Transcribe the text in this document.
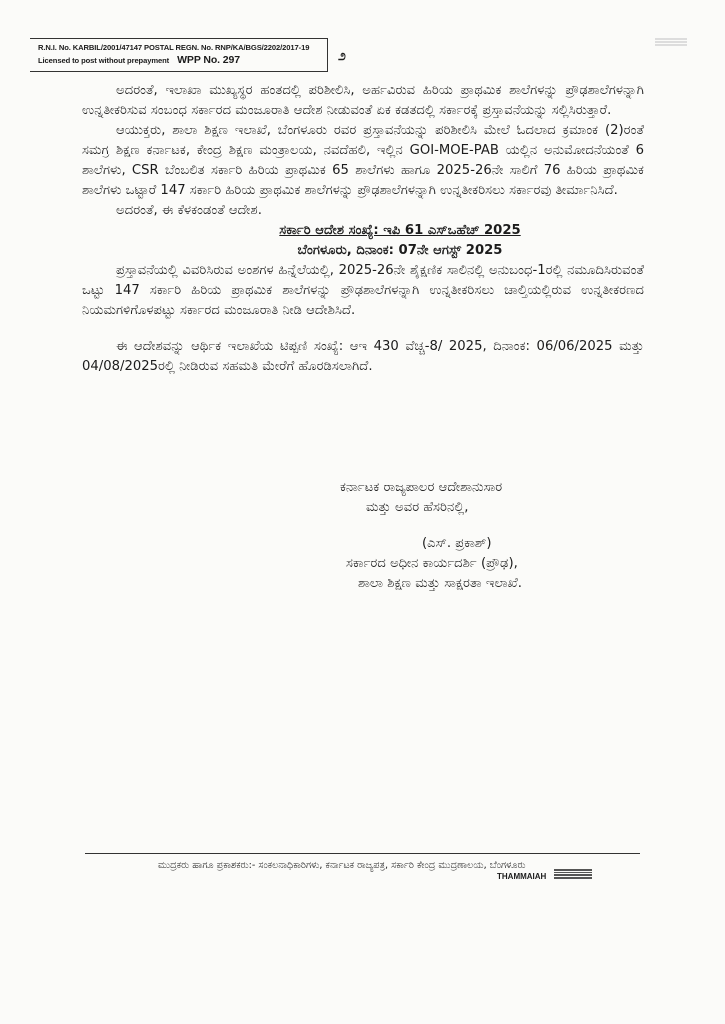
R.N.I. No. KARBIL/2001/47147 POSTAL REGN. No. RNP/KA/BGS/2202/2017-19
Licensed to post without prepayment WPP No. 297	೨

ಅದರಂತೆ, ಇಲಾಖಾ ಮುಖ್ಯಸ್ಥರ ಹಂತದಲ್ಲಿ ಪರಿಶೀಲಿಸಿ, ಅರ್ಹವಿರುವ ಹಿರಿಯ ಪ್ರಾಥಮಿಕ ಶಾಲೆಗಳನ್ನು ಪ್ರೌಢಶಾಲೆಗಳನ್ನಾಗಿ ಉನ್ನತೀಕರಿಸುವ ಸಂಬಂಧ ಸರ್ಕಾರದ ಮಂಜೂರಾತಿ ಆದೇಶ ನೀಡುವಂತೆ ಏಕ ಕಡತದಲ್ಲಿ ಸರ್ಕಾರಕ್ಕೆ ಪ್ರಸ್ತಾವನೆಯನ್ನು ಸಲ್ಲಿಸಿರುತ್ತಾರೆ.

ಆಯುಕ್ತರು, ಶಾಲಾ ಶಿಕ್ಷಣ ಇಲಾಖೆ, ಬೆಂಗಳೂರು ರವರ ಪ್ರಸ್ತಾವನೆಯನ್ನು ಪರಿಶೀಲಿಸಿ ಮೇಲೆ ಓದಲಾದ ಕ್ರಮಾಂಕ (2)ರಂತೆ ಸಮಗ್ರ ಶಿಕ್ಷಣ ಕರ್ನಾಟಕ, ಕೇಂದ್ರ ಶಿಕ್ಷಣ ಮಂತ್ರಾಲಯ, ನವದೆಹಲಿ, ಇಲ್ಲಿನ GOI-MOE-PAB ಯಲ್ಲಿನ ಅನುಮೋದನೆಯಂತೆ 6 ಶಾಲೆಗಳು, CSR ಬೆಂಬಲಿತ ಸರ್ಕಾರಿ ಹಿರಿಯ ಪ್ರಾಥಮಿಕ 65 ಶಾಲೆಗಳು ಹಾಗೂ 2025-26ನೇ ಸಾಲಿಗೆ 76 ಹಿರಿಯ ಪ್ರಾಥಮಿಕ ಶಾಲೆಗಳು ಒಟ್ಟಾರೆ 147 ಸರ್ಕಾರಿ ಹಿರಿಯ ಪ್ರಾಥಮಿಕ ಶಾಲೆಗಳನ್ನು ಪ್ರೌಢಶಾಲೆಗಳನ್ನಾಗಿ ಉನ್ನತೀಕರಿಸಲು ಸರ್ಕಾರವು ತೀರ್ಮಾನಿಸಿದೆ.

ಅದರಂತೆ, ಈ ಕೆಳಕಂಡಂತೆ ಆದೇಶ.

ಸರ್ಕಾರಿ ಆದೇಶ ಸಂಖ್ಯೆ: ಇಪಿ 61 ಎಸ್‌ಒಹೆಚ್ 2025
ಬೆಂಗಳೂರು, ದಿನಾಂಕ: 07ನೇ ಆಗಸ್ಟ್ 2025

ಪ್ರಸ್ತಾವನೆಯಲ್ಲಿ ವಿವರಿಸಿರುವ ಅಂಶಗಳ ಹಿನ್ನೆಲೆಯಲ್ಲಿ, 2025-26ನೇ ಶೈಕ್ಷಣಿಕ ಸಾಲಿನಲ್ಲಿ ಅನುಬಂಧ-1ರಲ್ಲಿ ನಮೂದಿಸಿರುವಂತೆ ಒಟ್ಟು 147 ಸರ್ಕಾರಿ ಹಿರಿಯ ಪ್ರಾಥಮಿಕ ಶಾಲೆಗಳನ್ನು ಪ್ರೌಢಶಾಲೆಗಳನ್ನಾಗಿ ಉನ್ನತೀಕರಿಸಲು ಚಾಲ್ತಿಯಲ್ಲಿರುವ ಉನ್ನತೀಕರಣದ ನಿಯಮಗಳಿಗೊಳಪಟ್ಟು ಸರ್ಕಾರದ ಮಂಜೂರಾತಿ ನೀಡಿ ಆದೇಶಿಸಿದೆ.

ಈ ಆದೇಶವನ್ನು ಆರ್ಥಿಕ ಇಲಾಖೆಯ ಟಿಪ್ಪಣಿ ಸಂಖ್ಯೆ: ಆಇ 430 ವೆಚ್ಚ-8/ 2025, ದಿನಾಂಕ: 06/06/2025 ಮತ್ತು 04/08/2025ರಲ್ಲಿ ನೀಡಿರುವ ಸಹಮತಿ ಮೇರೆಗೆ ಹೊರಡಿಸಲಾಗಿದೆ.

ಕರ್ನಾಟಕ ರಾಜ್ಯಪಾಲರ ಆದೇಶಾನುಸಾರ
ಮತ್ತು ಅವರ ಹೆಸರಿನಲ್ಲಿ,
(ಎಸ್. ಪ್ರಕಾಶ್)
ಸರ್ಕಾರದ ಅಧೀನ ಕಾರ್ಯದರ್ಶಿ (ಪ್ರೌಢ),
ಶಾಲಾ ಶಿಕ್ಷಣ ಮತ್ತು ಸಾಕ್ಷರತಾ ಇಲಾಖೆ.
ಮುದ್ರಕರು ಹಾಗೂ ಪ್ರಕಾಶಕರು:- ಸಂಕಲನಾಧಿಕಾರಿಗಳು, ಕರ್ನಾಟಕ ರಾಜ್ಯಪತ್ರ, ಸರ್ಕಾರಿ ಕೇಂದ್ರ ಮುದ್ರಣಾಲಯ, ಬೆಂಗಳೂರು
THAMMAIAH
